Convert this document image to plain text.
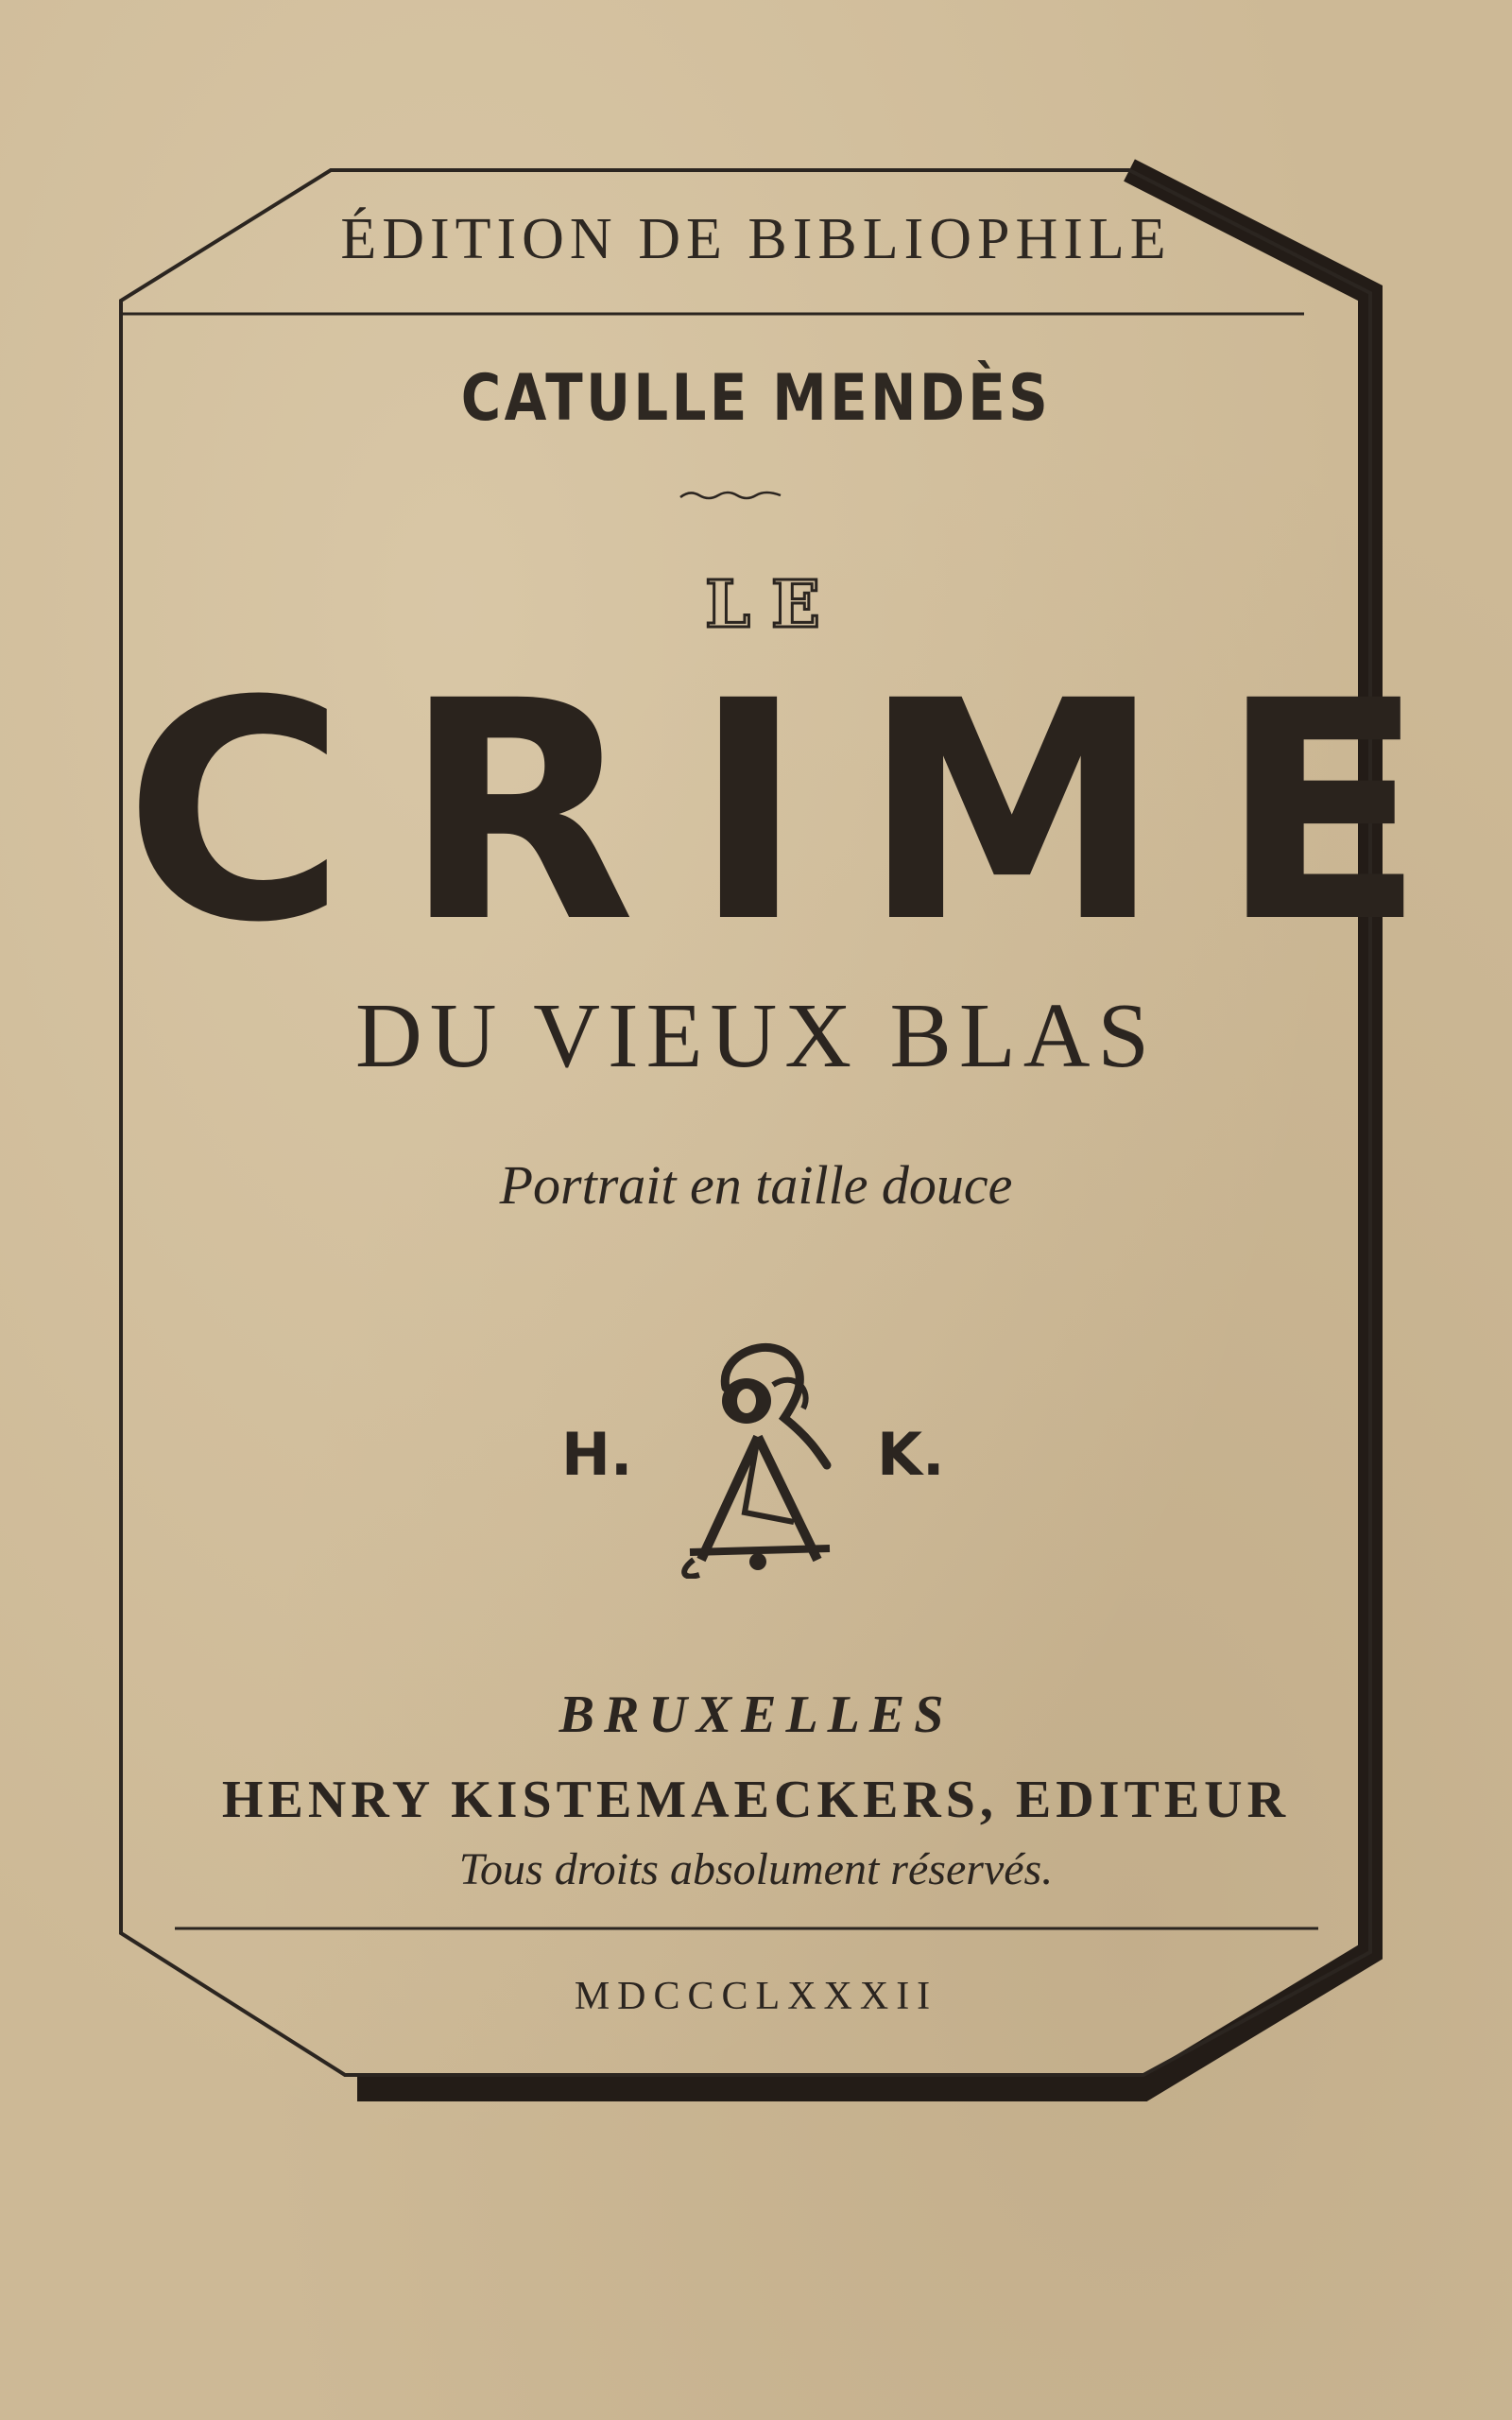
ÉDITION DE BIBLIOPHILE
CATULLE MENDÈS
LE
CRIME
DU VIEUX BLAS
Portrait en taille douce
H.	K.
BRUXELLES
HENRY KISTEMAECKERS, EDITEUR
Tous droits absolument réservés.
MDCCCLXXXII
